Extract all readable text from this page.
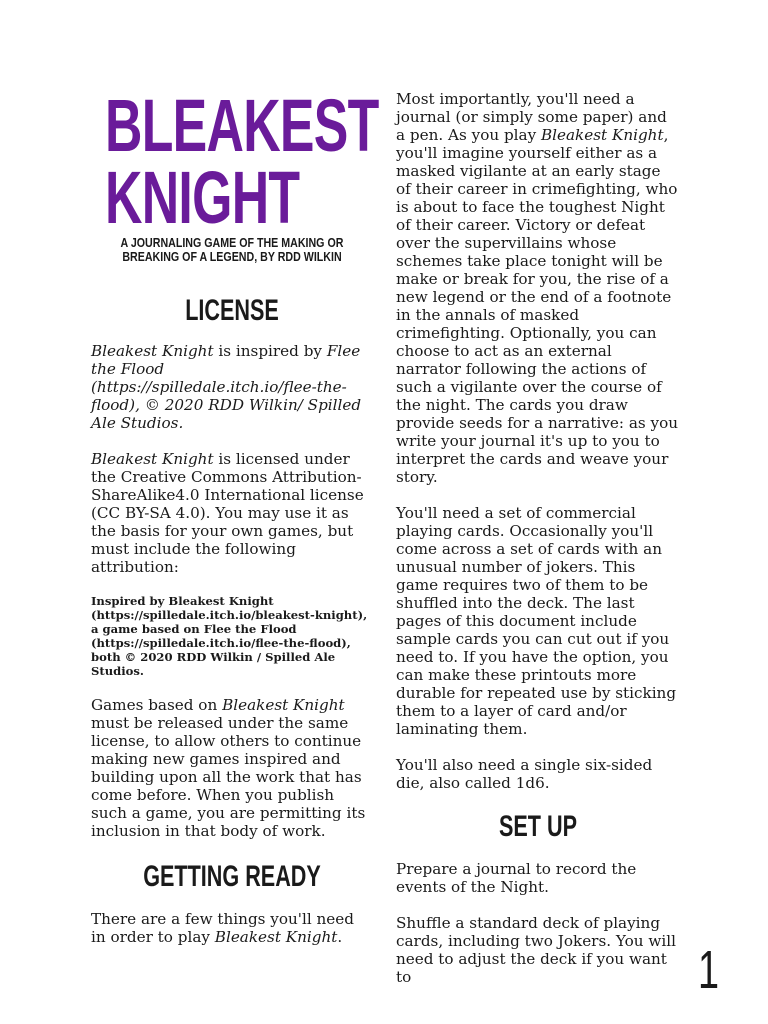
BLEAKEST
KNIGHT
A JOURNALING GAME OF THE MAKING OR
BREAKING OF A LEGEND, BY RDD WILKIN
LICENSE

Bleakest Knight is inspired by Flee the Flood (https://spilledale.itch.io/flee-the-flood), © 2020 RDD Wilkin/ Spilled Ale Studios.

Bleakest Knight is licensed under the Creative Commons Attribution-ShareAlike4.0 International license (CC BY-SA 4.0). You may use it as the basis for your own games, but must include the following attribution:

Inspired by Bleakest Knight (https://spilledale.itch.io/bleakest-knight), a game based on Flee the Flood (https://spilledale.itch.io/flee-the-flood), both © 2020 RDD Wilkin / Spilled Ale Studios.

Games based on Bleakest Knight must be released under the same license, to allow others to continue making new games inspired and building upon all the work that has come before. When you publish such a game, you are permitting its inclusion in that body of work.

GETTING READY

There are a few things you'll need in order to play Bleakest Knight.

Most importantly, you'll need a journal (or simply some paper) and a pen. As you play Bleakest Knight, you'll imagine yourself either as a masked vigilante at an early stage of their career in crimefighting, who is about to face the toughest Night of their career. Victory or defeat over the supervillains whose schemes take place tonight will be make or break for you, the rise of a new legend or the end of a footnote in the annals of masked crimefighting. Optionally, you can choose to act as an external narrator following the actions of such a vigilante over the course of the night. The cards you draw provide seeds for a narrative: as you write your journal it's up to you to interpret the cards and weave your story.

You'll need a set of commercial playing cards. Occasionally you'll come across a set of cards with an unusual number of jokers. This game requires two of them to be shuffled into the deck. The last pages of this document include sample cards you can cut out if you need to. If you have the option, you can make these printouts more durable for repeated use by sticking them to a layer of card and/or laminating them.

You'll also need a single six-sided die, also called 1d6.

SET UP

Prepare a journal to record the events of the Night.

Shuffle a standard deck of playing cards, including two Jokers. You will need to adjust the deck if you want to	1
